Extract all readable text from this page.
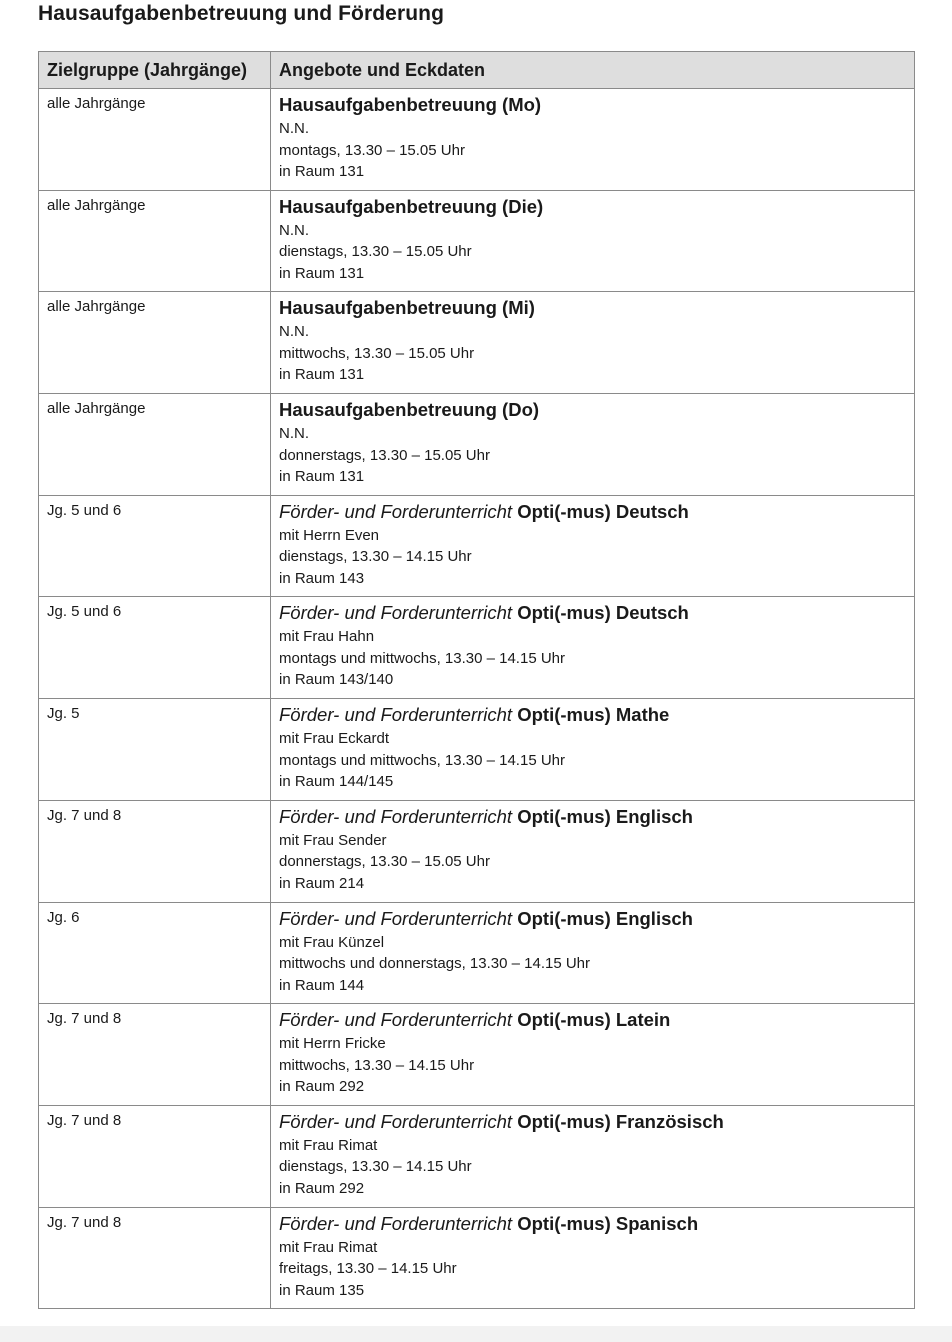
Hausaufgabenbetreuung und Förderung
Zielgruppe (Jahrgänge)	Angebote und Eckdaten
alle Jahrgänge	Hausaufgabenbetreuung (Mo)
N.N.
montags, 13.30 – 15.05 Uhr
in Raum 131

alle Jahrgänge	Hausaufgabenbetreuung (Die)
N.N.
dienstags, 13.30 – 15.05 Uhr
in Raum 131

alle Jahrgänge	Hausaufgabenbetreuung (Mi)
N.N.
mittwochs, 13.30 – 15.05 Uhr
in Raum 131

alle Jahrgänge	Hausaufgabenbetreuung (Do)
N.N.
donnerstags, 13.30 – 15.05 Uhr
in Raum 131

Jg. 5 und 6	Förder- und Forderunterricht Opti(-mus) Deutsch
mit Herrn Even
dienstags, 13.30 – 14.15 Uhr
in Raum 143

Jg. 5 und 6	Förder- und Forderunterricht Opti(-mus) Deutsch
mit Frau Hahn
montags und mittwochs, 13.30 – 14.15 Uhr
in Raum 143/140

Jg. 5	Förder- und Forderunterricht Opti(-mus) Mathe
mit Frau Eckardt
montags und mittwochs, 13.30 – 14.15 Uhr
in Raum 144/145

Jg. 7 und 8	Förder- und Forderunterricht Opti(-mus) Englisch
mit Frau Sender
donnerstags, 13.30 – 15.05 Uhr
in Raum 214

Jg. 6	Förder- und Forderunterricht Opti(-mus) Englisch
mit Frau Künzel
mittwochs und donnerstags, 13.30 – 14.15 Uhr
in Raum 144

Jg. 7 und 8	Förder- und Forderunterricht Opti(-mus) Latein
mit Herrn Fricke
mittwochs, 13.30 – 14.15 Uhr
in Raum 292

Jg. 7 und 8	Förder- und Forderunterricht Opti(-mus) Französisch
mit Frau Rimat
dienstags, 13.30 – 14.15 Uhr
in Raum 292

Jg. 7 und 8	Förder- und Forderunterricht Opti(-mus) Spanisch
mit Frau Rimat
freitags, 13.30 – 14.15 Uhr
in Raum 135
